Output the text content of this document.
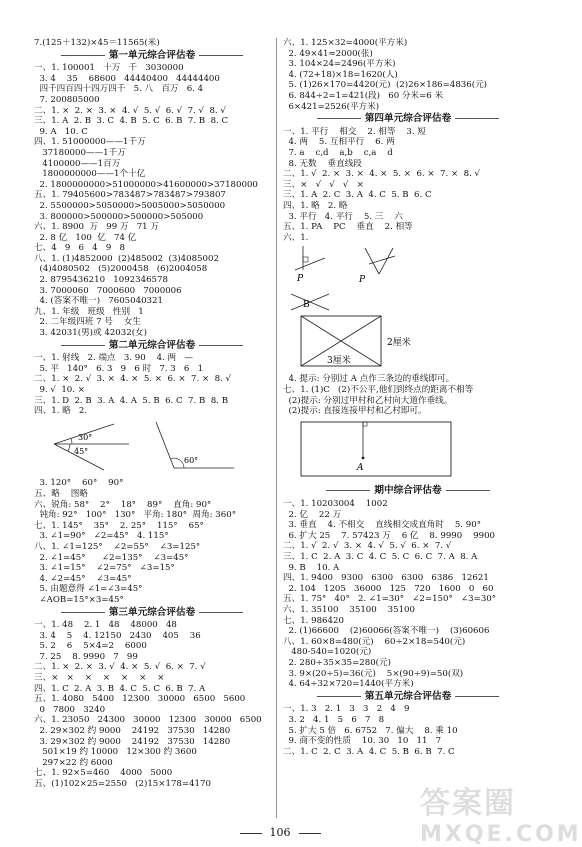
7.(125＋132)×45＝11565(米)
第一单元综合评估卷
一、1. 100001   十万   千   3030000
3. 4    35    68600   44440400   44444400
四千四百四十四万四千   5. 八   百万   6. 4
7. 200805000
二、1. ×  2. ×  3. ×  4. √  5. √  6. √  7. √  8. √
三、1. A  2. B  3. C  4. B  5. C  6. B  7. B  8. C
9. A   10. C
四、1. 51000000——1千万
37180000——1千万
4100000——1百万
1800000000——1个十亿
2. 1800000000>51000000>41600000>37180000
五、1. 79405600>783487>783487>793807
2. 5500000>5050000>5005000>5050000
3. 800000>500000>500000>505000
六、1. 8900  万   99 万   71 万
2. 8 亿   100  亿   74 亿
七、4   9   6   4   9   8
八、1. (1)4852000  (2)485002  (3)4085002
(4)4080502   (5)2000458   (6)2004058
2. 8795436210   1092346578
3. 7000060   7000600   7000006
4. (答案不唯一)   7605040321
九、1. 年级   班级   性别   1
2. 二年级四班 7 号    女生
3. 42031(男)或 42032(女)
第二单元综合评估卷
一、1. 射线   2. 端点   3. 90    4. 两   —
5. 平   140°   6. 3   9   6 时   7. 3   6   1
二、1. ×  2. √  3. ×  4. ×  5. ×  6. ×  7. ×  8. √
9. √  10. ×
三、1. D  2. B  3. A  4. A  5. B  6. C  7. B  8. B
四、1. 略   2.
30°
45°
60°
3. 120°    60°    90°
五、略    图略
六、锐角: 58°    2°    18°    89°    直角: 90°
钝角: 92°   100°   130°   平角: 180°  周角: 360°
七、1. 145°    35°    2. 25°    115°    65°
3. ∠1=90°   ∠2=45°   4. 115°
八、1. ∠1=125°    ∠2=55°    ∠3=125°
2. ∠1=45°      ∠2=135°    ∠3=45°
3. ∠1=15°    ∠2=75°   ∠3=15°
4. ∠2=45°    ∠3=45°
5. 由题意得 ∠1=∠3=45°
∠AOB=15°×3=45°
第三单元综合评估卷
一、1. 48    2. 1   48    48000   48
3. 4    5    4. 12150   2430    405    36
5. 2    6    5×4=2    6000
7. 25    8. 9990   7   99
二、1. ×  2. ×  3. √  4. ×  5. √  6. ×  7. √
三、×   ×    ×    ×    ×    ×    ×
四、1. C  2. A  3. B  4. C  5. C  6. B  7. A
五、1. 4080   5400   12300   30000   6500   5600
0   7800   3240
六、1. 23050   24300   30000   12300   30000   6500
2. 29×302 约 9000    24192   37530   14280
3. 29×302 约 9000    24192   37530   14280
501×19 约 10000   12×300 约 3600
297×22 约 6000
七、1. 92×5=460    4000   5000
五、(1)102×25=2550   (2)15×178=4170
六、1. 125×32=4000(平方米)
2. 49×41≈2000(张)
3. 104×24=2496(平方米)
4. (72+18)×18=1620(人)
5. (1)26×170=4420(元)  (2)26×186=4836(元)
6. 844÷2=1=421(段)   60 分米=6 米
6×421=2526(平方米)
第四单元综合评估卷
一、1. 平行    相交    2. 相等    3. 短
4. 两    5. 互相平行    6. 两
7. a    c,d    a,b    c,a    d
8. 无数    垂直线段
二、1. √  2. ×  3. ×  4. ×  5. ×  6. ×  7. ×  8. √
三、×   √   √   √   ×
三、1. A  2. C  3. A  4. C  5. B  6. C
四、1. 略   2. 略
3. 平行   4. 平行    5. 三    六
五、1. PA    PC    垂直    2. 相等
六、1.
P	P

B
2厘米
3厘米
4. 提示: 分别过 A 点作三条边的垂线即可。
七、1. (1)C   (2)不公平,他们到终点的距离不相等
(2)提示: 分别过甲村和乙村向大道作垂线。
(2)提示: 直接连接甲村和乙村即可。
A
期中综合评估卷
一、1. 10203004    1002
2. 亿    22 万
3. 垂直    4. 不相交    直线相交成直角时    5. 90°
6. 扩大 25    7. 57423 万    6 亿    8. 9990    9900
二、1. √  2. √  3. ×  4. √  5. √  6. ×  7. √
三、1. C  2. A  3. C  4. C  5. C  6. C  7. A  8. A
9. B    10. A
四、1. 9400   9300   6300   6300   6386   12621
2. 104   1205   36000   125   720   1600   0   60
五、1. 75°   40°   2. ∠1=30°   ∠2=150°   ∠3=30°
六、1. 35100    35100    35100
七、1. 986420
2. (1)66600    (2)60066(答案不唯一)    (3)60606
八、1. 60×8=480(元)    60÷2×18=540(元)
480-540=1020(元)
2. 280÷35×35=280(元)
3. 9×(20÷5)=36(元)    5×(90÷9)=50(双)
4. 64÷32×720=1440(平方米)
第五单元综合评估卷
一、1. 3   2. 1   3   3   2   4   9
3. 2   4. 1   5   6   7   8
5. 扩大 5 倍   6. 6752   7. 偏大    8. 乘 10
9. 商不变的性质    10. 30   10   11   7
二、1. C  2. C  3. A  4. C  5. B  6. B  7. C
106
答案圈
MXQE.COM
